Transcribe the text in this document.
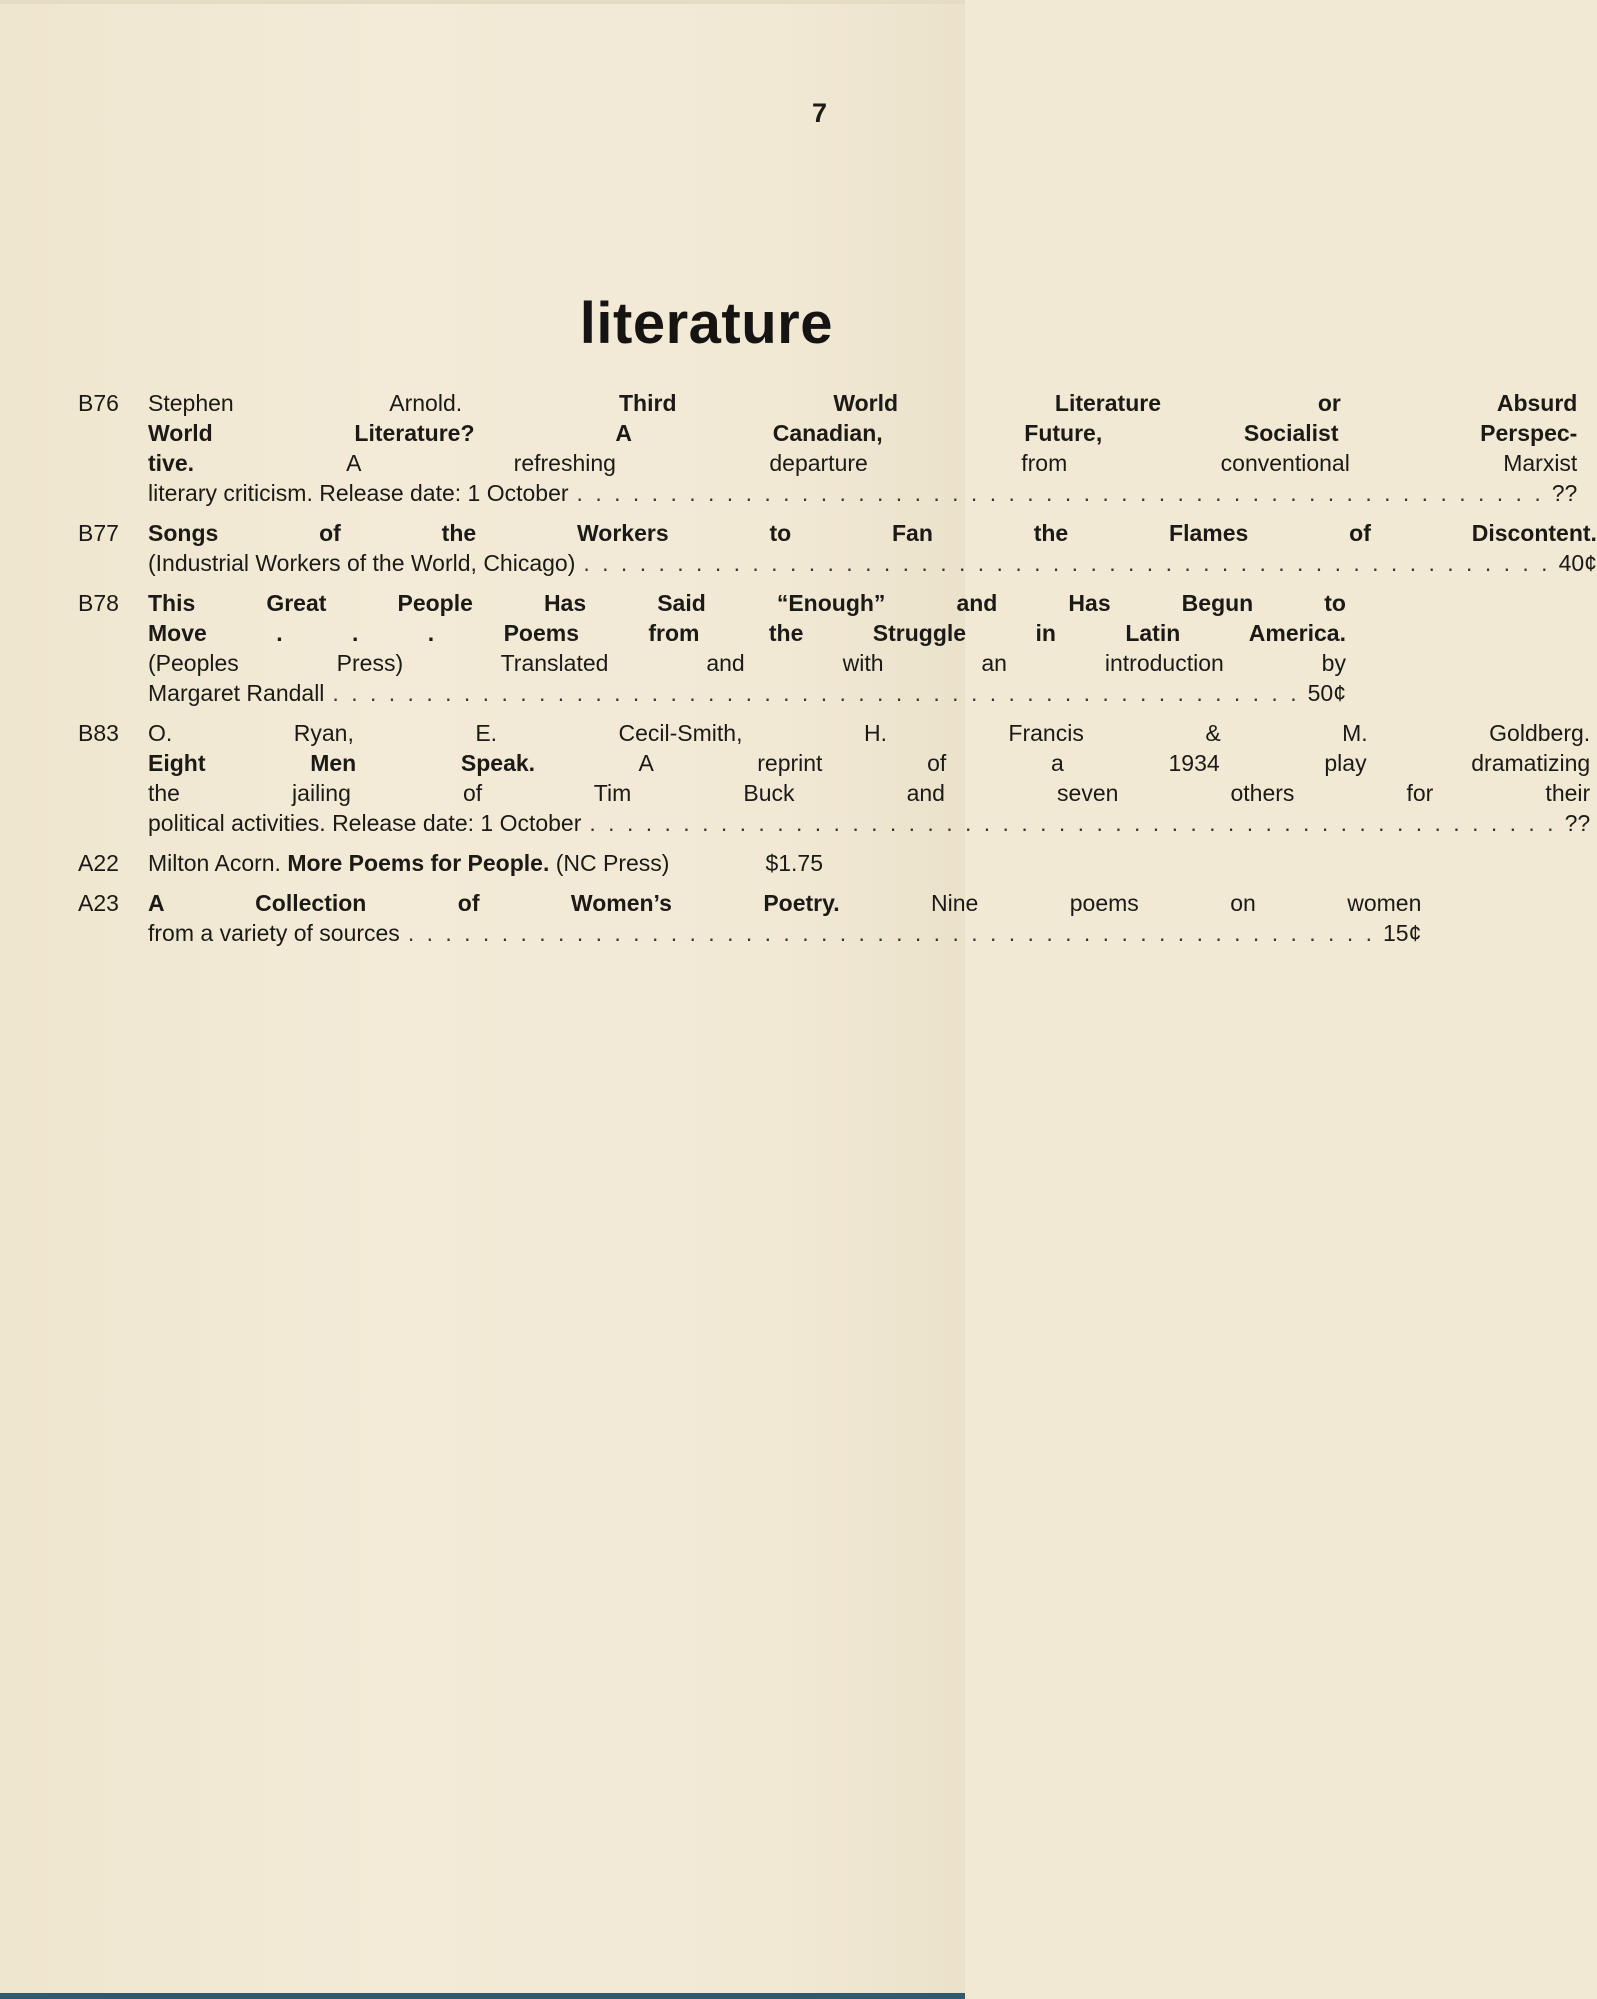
7
literature
B76	Stephen Arnold. Third World Literature or Absurd
World Literature? A Canadian, Future, Socialist Perspec-
tive. A refreshing departure from conventional Marxist
literary criticism. Release date: 1 October . . .	??
B77	Songs of the Workers to Fan the Flames of Discontent.
(Industrial Workers of the World, Chicago) . . .	40¢
B78	This Great People Has Said “Enough” and Has Begun to
Move . . . Poems from the Struggle in Latin America.
(Peoples Press) Translated and with an introduction by
Margaret Randall . . .	50¢
B83	O. Ryan, E. Cecil-Smith, H. Francis & M. Goldberg.
Eight Men Speak. A reprint of a 1934 play dramatizing
the jailing of Tim Buck and seven others for their
political activities. Release date: 1 October . . .	??
A22	Milton Acorn. More Poems for People. (NC Press)	$1.75
A23	A Collection of Women’s Poetry. Nine poems on women
from a variety of sources . . .	15¢
